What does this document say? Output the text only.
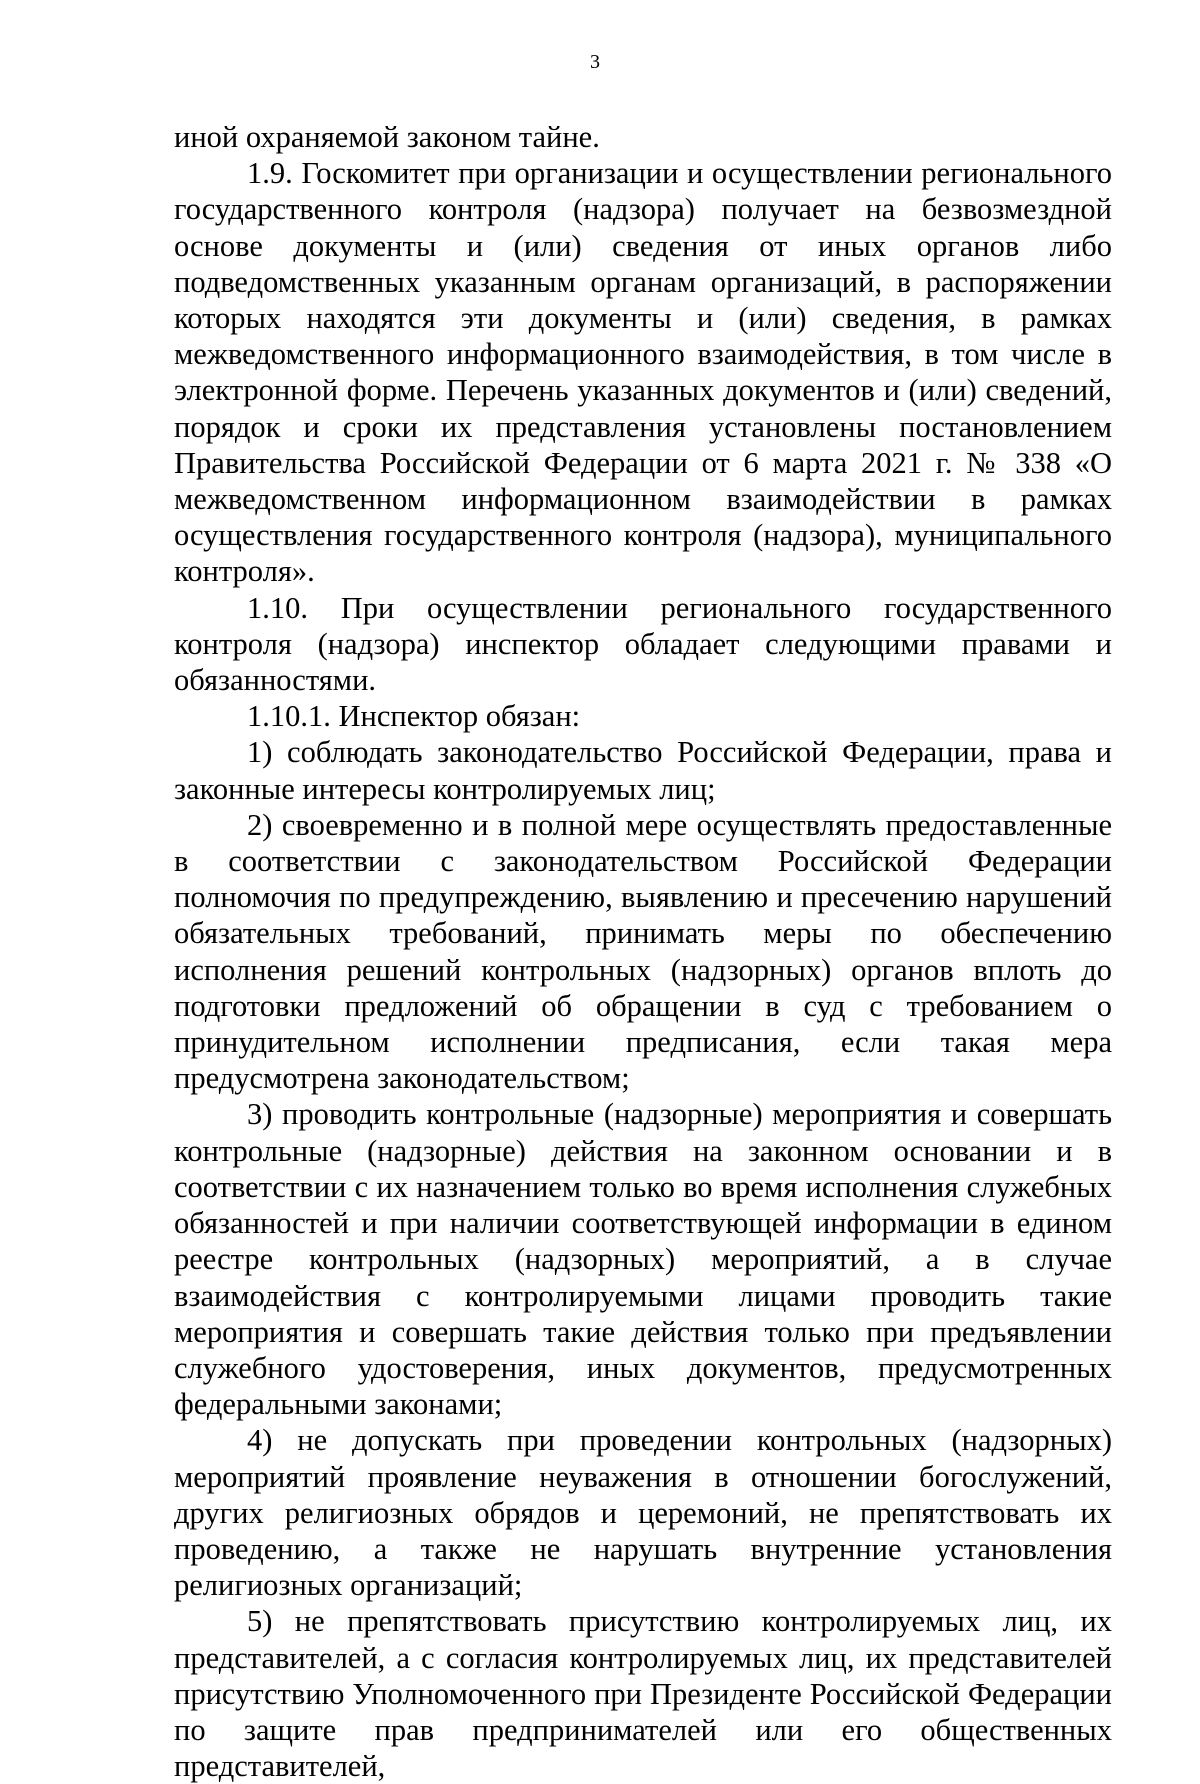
3

иной охраняемой законом тайне.

1.9. Госкомитет при организации и осуществлении регионального государственного контроля (надзора) получает на безвозмездной основе документы и (или) сведения от иных органов либо подведомственных указанным органам организаций, в распоряжении которых находятся эти документы и (или) сведения, в рамках межведомственного информационного взаимодействия, в том числе в электронной форме. Перечень указанных документов и (или) сведений, порядок и сроки их представления установлены постановлением Правительства Российской Федерации от 6 марта 2021 г. № 338 «О межведомственном информационном взаимодействии в рамках осуществления государственного контроля (надзора), муниципального контроля».

1.10. При осуществлении регионального государственного контроля (надзора) инспектор обладает следующими правами и обязанностями.

1.10.1. Инспектор обязан:

1) соблюдать законодательство Российской Федерации, права и законные интересы контролируемых лиц;

2) своевременно и в полной мере осуществлять предоставленные в соответствии с законодательством Российской Федерации полномочия по предупреждению, выявлению и пресечению нарушений обязательных требований, принимать меры по обеспечению исполнения решений контрольных (надзорных) органов вплоть до подготовки предложений об обращении в суд с требованием о принудительном исполнении предписания, если такая мера предусмотрена законодательством;

3) проводить контрольные (надзорные) мероприятия и совершать контрольные (надзорные) действия на законном основании и в соответствии с их назначением только во время исполнения служебных обязанностей и при наличии соответствующей информации в едином реестре контрольных (надзорных) мероприятий, а в случае взаимодействия с контролируемыми лицами проводить такие мероприятия и совершать такие действия только при предъявлении служебного удостоверения, иных документов, предусмотренных федеральными законами;

4) не допускать при проведении контрольных (надзорных) мероприятий проявление неуважения в отношении богослужений, других религиозных обрядов и церемоний, не препятствовать их проведению, а также не нарушать внутренние установления религиозных организаций;

5) не препятствовать присутствию контролируемых лиц, их представителей, а с согласия контролируемых лиц, их представителей присутствию Уполномоченного при Президенте Российской Федерации по защите прав предпринимателей или его общественных представителей,
